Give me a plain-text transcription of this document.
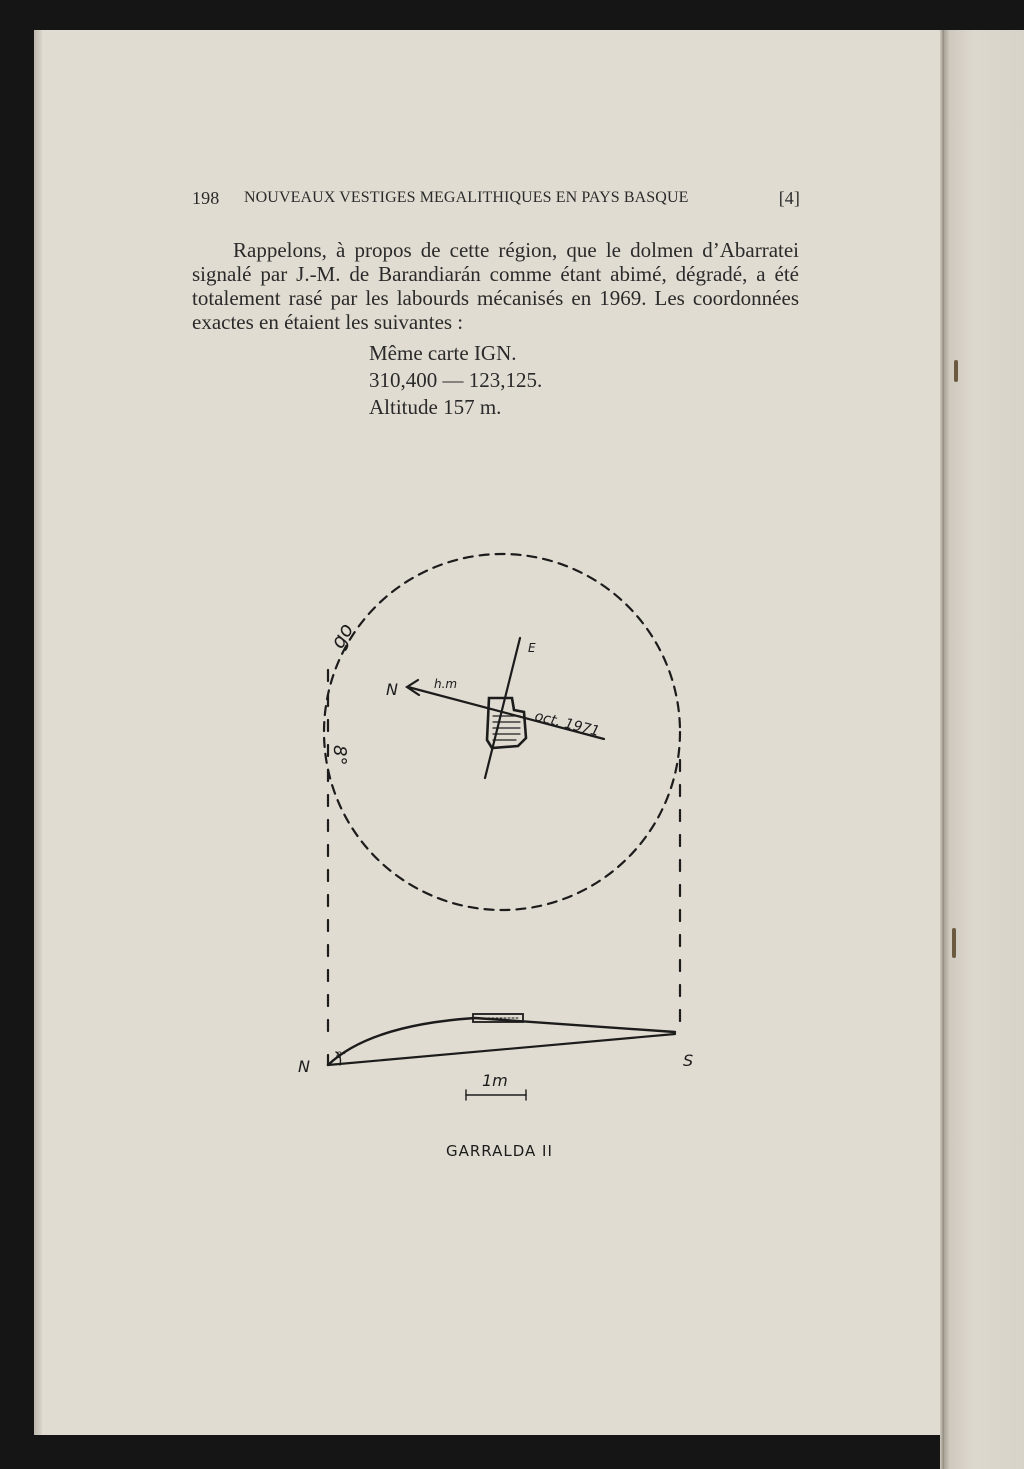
198 NOUVEAUX VESTIGES MEGALITHIQUES EN PAYS BASQUE	[4]

Rappelons, à propos de cette région, que le dolmen d’Abarratei signalé par J.-M. de Barandiarán comme étant abimé, dégradé, a été totalement rasé par les labourds mécanisés en 1969. Les coordonnées exactes en étaient les suivantes :

Même carte IGN.
310,400 — 123,125.
Altitude 157 m.
N
E
h.m
oct. 1971
go
8°
N	S
8°
1m
GARRALDA II
